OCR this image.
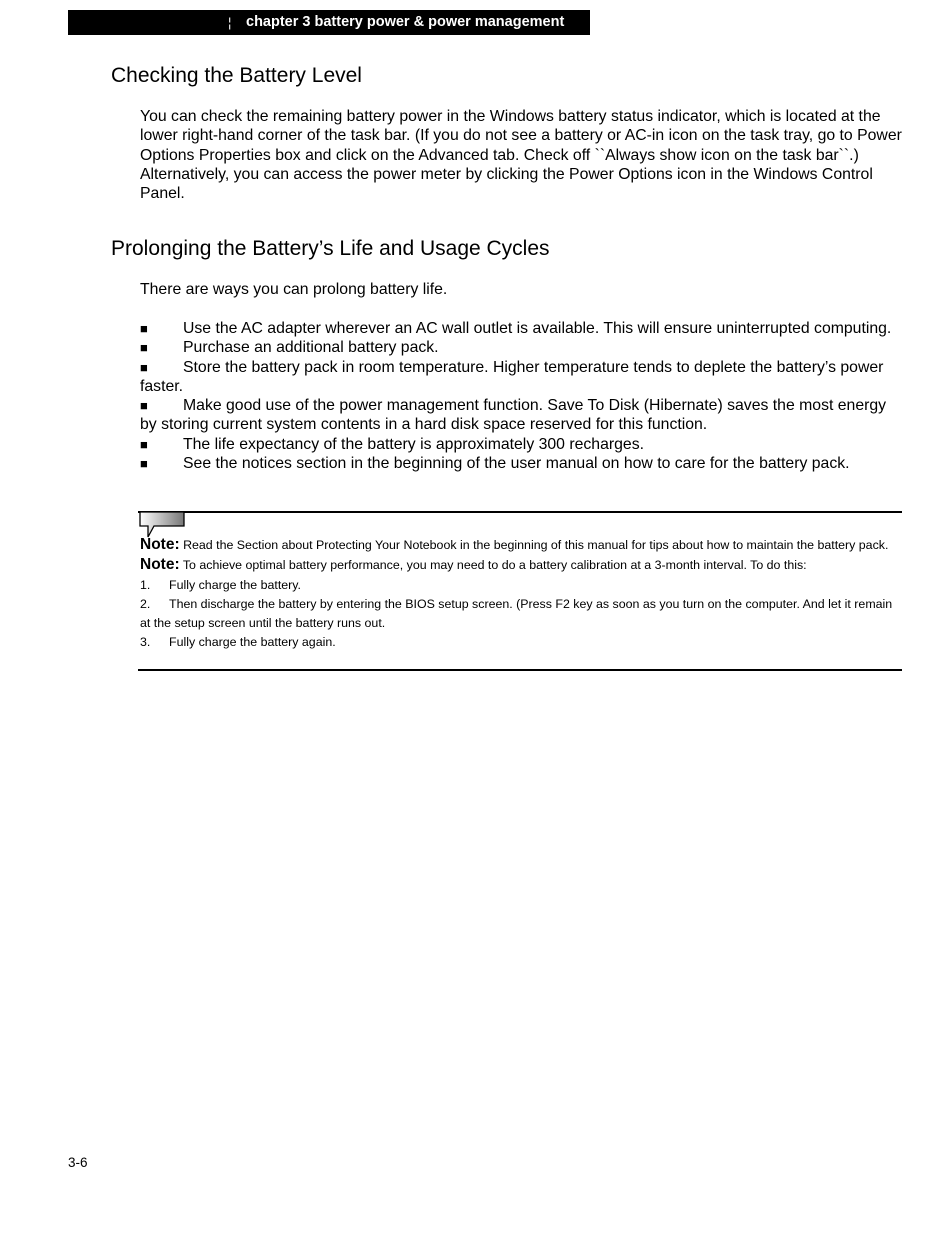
¦ chapter 3 battery power & power management
Checking the Battery Level

You can check the remaining battery power in the Windows battery status indicator, which is located at the lower right-hand corner of the task bar. (If you do not see a battery or AC-in icon on the task tray, go to Power Options Properties box and click on the Advanced tab. Check off ``Always show icon on the task bar``.)

Alternatively, you can access the power meter by clicking the Power Options icon in the Windows Control Panel.

Prolonging the Battery’s Life and Usage Cycles

There are ways you can prolong battery life.

■ Use the AC adapter wherever an AC wall outlet is available. This will ensure uninterrupted computing.

■ Purchase an additional battery pack.

■ Store the battery pack in room temperature. Higher temperature tends to deplete the battery’s power faster.

■ Make good use of the power management function. Save To Disk (Hibernate) saves the most energy by storing current system contents in a hard disk space reserved for this function.

■ The life expectancy of the battery is approximately 300 recharges.

■ See the notices section in the beginning of the user manual on how to care for the battery pack.

Note: Read the Section about Protecting Your Notebook in the beginning of this manual for tips about how to maintain the battery pack.

Note: To achieve optimal battery performance, you may need to do a battery calibration at a 3-month interval. To do this:

1. Fully charge the battery.

2. Then discharge the battery by entering the BIOS setup screen. (Press F2 key as soon as you turn on the computer. And let it remain at the setup screen until the battery runs out.

3. Fully charge the battery again.

3-6
